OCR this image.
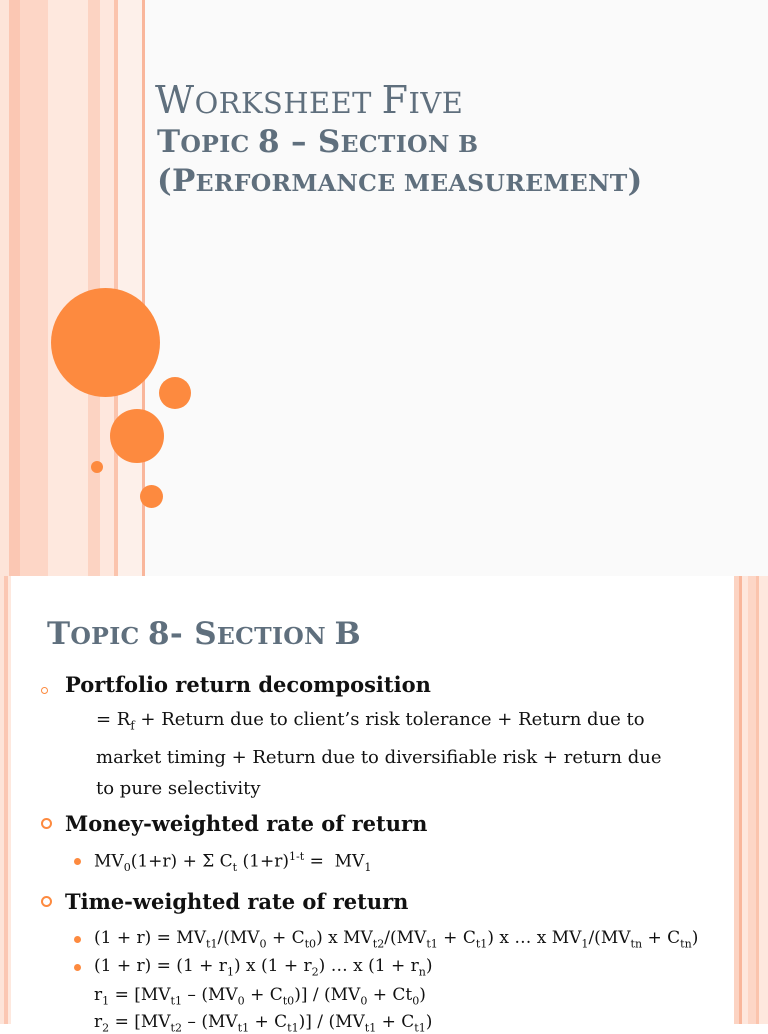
WORKSHEET FIVE
TOPIC 8 – SECTION B
(PERFORMANCE MEASUREMENT)
TOPIC 8- SECTION B

Portfolio return decomposition

= $R_f$ + Return due to client’s risk tolerance + Return due to
market timing + Return due to diversifiable risk + return due
to pure selectivity

Money-weighted rate of return

$MV_0(1+r) + \Sigma$ $C_t$ $(1+r)^{1-t} = MV_1$

Time-weighted rate of return

$(1 + r) = MV_{t1}/(MV_0 + C_{t0})$ x $MV_{t2}/(MV_{t1} + C_{t1})$ x … x $MV_1/(MV_{tn} + C_{tn})$
$(1 + r) = (1 + r_1)$ x $(1 + r_2)$ … x $(1 + r_n)$
$r_1 = [MV_{t1} - (MV_0 + C_{t0})] / (MV_0 + Ct_0)$
$r_2 = [MV_{t2} - (MV_{t1} + C_{t1})] / (MV_{t1} + C_{t1})$
